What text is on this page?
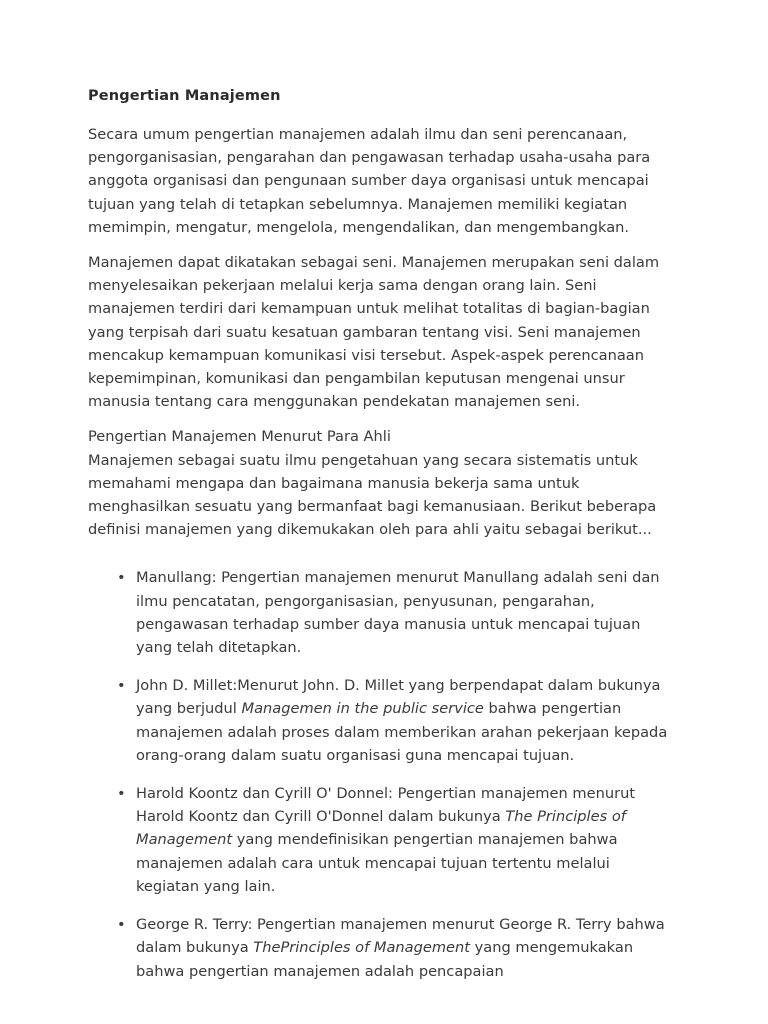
Pengertian Manajemen

Secara umum pengertian manajemen adalah ilmu dan seni perencanaan, pengorganisasian, pengarahan dan pengawasan terhadap usaha-usaha para anggota organisasi dan pengunaan sumber daya organisasi untuk mencapai tujuan yang telah di tetapkan sebelumnya. Manajemen memiliki kegiatan memimpin, mengatur, mengelola, mengendalikan, dan mengembangkan.

Manajemen dapat dikatakan sebagai seni. Manajemen merupakan seni dalam menyelesaikan pekerjaan melalui kerja sama dengan orang lain. Seni manajemen terdiri dari kemampuan untuk melihat totalitas di bagian-bagian yang terpisah dari suatu kesatuan gambaran tentang visi. Seni manajemen mencakup kemampuan komunikasi visi tersebut. Aspek-aspek perencanaan kepemimpinan, komunikasi dan pengambilan keputusan mengenai unsur manusia tentang cara menggunakan pendekatan manajemen seni.

Pengertian Manajemen Menurut Para Ahli

Manajemen sebagai suatu ilmu pengetahuan yang secara sistematis untuk memahami mengapa dan bagaimana manusia bekerja sama untuk menghasilkan sesuatu yang bermanfaat bagi kemanusiaan. Berikut beberapa definisi manajemen yang dikemukakan oleh para ahli yaitu sebagai berikut...

• Manullang: Pengertian manajemen menurut Manullang adalah seni dan ilmu pencatatan, pengorganisasian, penyusunan, pengarahan, pengawasan terhadap sumber daya manusia untuk mencapai tujuan yang telah ditetapkan.
• John D. Millet:Menurut John. D. Millet yang berpendapat dalam bukunya yang berjudul Managemen in the public service bahwa pengertian manajemen adalah proses dalam memberikan arahan pekerjaan kepada orang-orang dalam suatu organisasi guna mencapai tujuan.
• Harold Koontz dan Cyrill O' Donnel: Pengertian manajemen menurut Harold Koontz dan Cyrill O'Donnel dalam bukunya The Principles of Management yang mendefinisikan pengertian manajemen bahwa manajemen adalah cara untuk mencapai tujuan tertentu melalui kegiatan yang lain.
• George R. Terry: Pengertian manajemen menurut George R. Terry bahwa dalam bukunya ThePrinciples of Management yang mengemukakan bahwa pengertian manajemen adalah pencapaian
